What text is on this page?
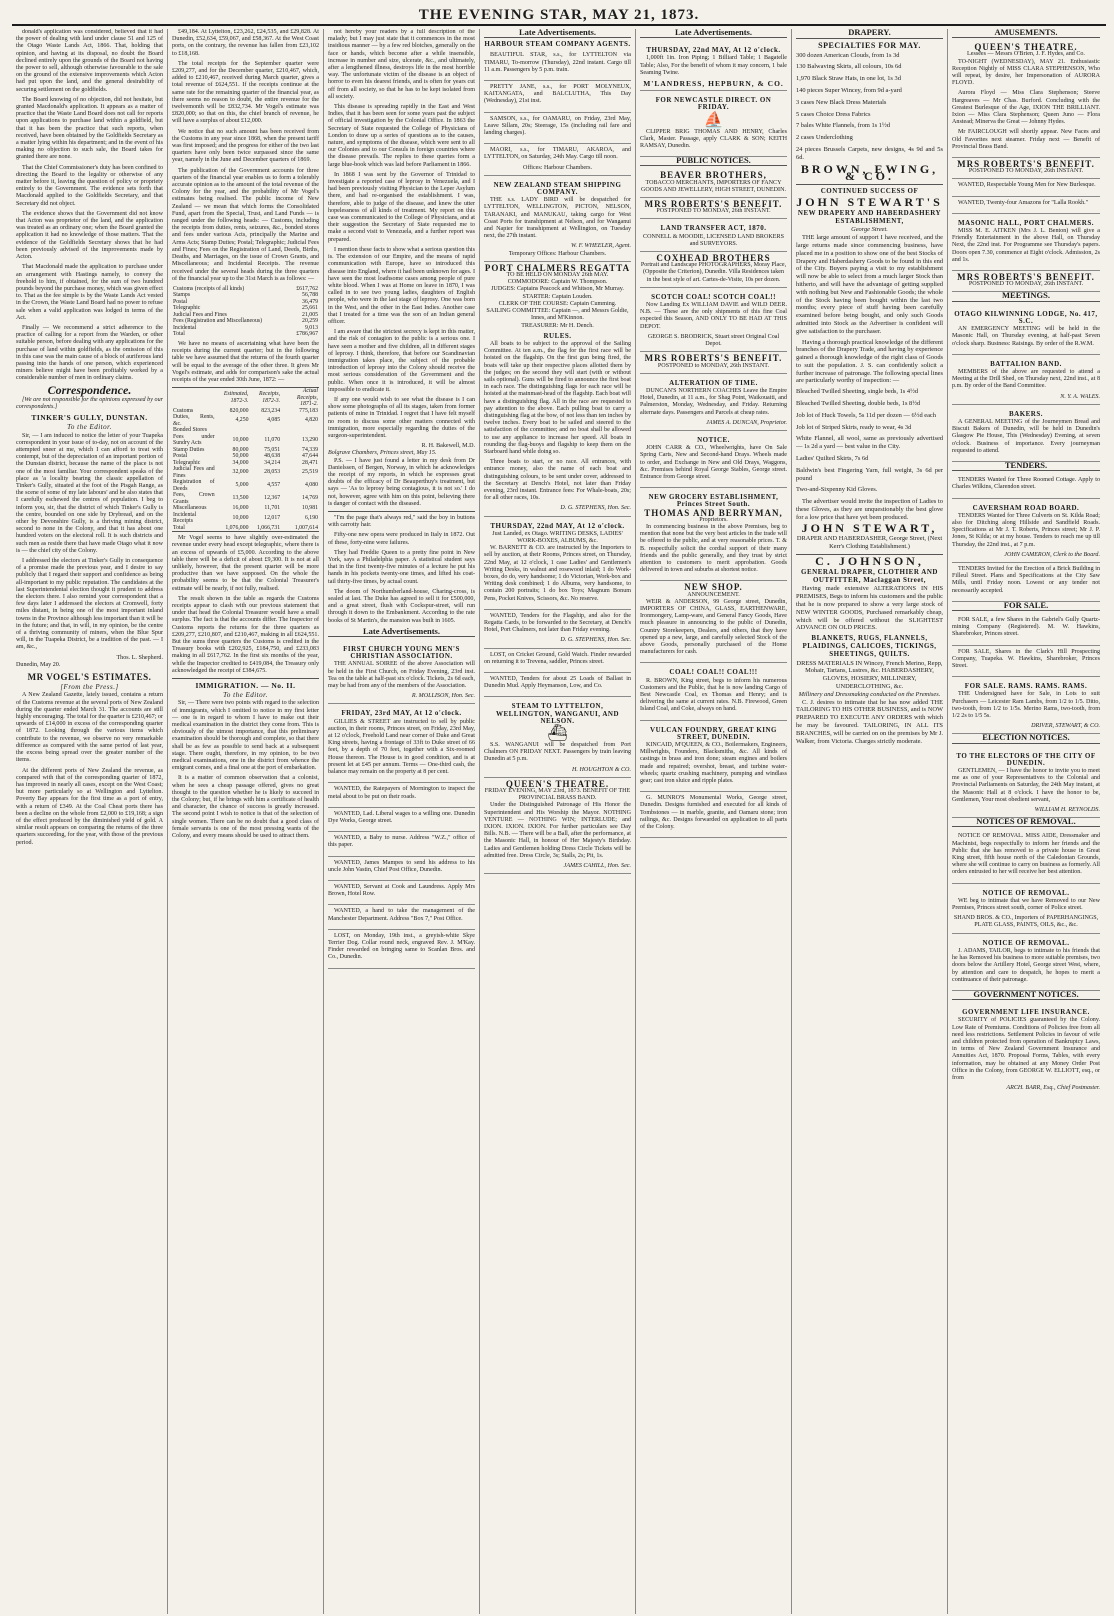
THE EVENING STAR, MAY 21, 1873.

donald's application was considered, believed that it had the power of dealing with land under clause 51 and 125 of the Otago Waste Lands Act, 1866. That, holding that opinion, and having at its disposal, no doubt the Board declined entirely upon the grounds of the Board not having the power to sell, although otherwise favourable to the sale on the ground of the extensive improvements which Acton had put upon the land, and the general desirability of securing settlement on the goldfields.

The Board knowing of no objection, did not hesitate, but granted Macdonald's application. It appears as a matter of practice that the Waste Land Board does not call for reports upon applications to purchase land within a goldfield, but that it has been the practice that such reports, when received, have been obtained by the Goldfields Secretary as a matter lying within his department; and in the event of his making no objection to such sale, the Board takes for granted there are none.

That the Chief Commissioner's duty has been confined to directing the Board to the legality or otherwise of any matter before it, leaving the question of policy or propriety entirely to the Government. The evidence sets forth that Macdonald applied to the Goldfields Secretary, and that Secretary did not object.

The evidence shows that the Government did not know that Acton was proprietor of the land, and the application was treated as an ordinary one; when the Board granted the application it had no knowledge of those matters. That the evidence of the Goldfields Secretary shows that he had been previously advised of the improvements made by Acton.

That Macdonald made the application to purchase under an arrangement with Hastings namely, to convey the freehold to him, if obtained, for the sum of two hundred pounds beyond the purchase money, which was given effect to. That as the fee simple is by the Waste Lands Act vested in the Crown, the Waste Land Board had no power to refuse sale when a valid application was lodged in terms of the Act.

Finally — We recommend a strict adherence to the practice of calling for a report from the Warden, or other suitable person, before dealing with any applications for the purchase of land within goldfields, as the omission of this in this case was the main cause of a block of auriferous land passing into the hands of one person, which experienced miners believe might have been profitably worked by a considerable number of men in ordinary claims.

Correspondence.

[We are not responsible for the opinions expressed by our correspondents.]

TINKER'S GULLY, DUNSTAN.
To the Editor.

Sir, — I am induced to notice the letter of your Tuapeka correspondent in your issue of to-day, not on account of the attempted sneer at me, which I can afford to treat with contempt, but of the depreciation of an important portion of the Dunstan district, because the name of the place is not one of the most familiar. Your correspondent speaks of the place as 'a locality bearing the classic appellation of Tinker's Gully, situated at the foot of the Pisgah Range, as the scene of some of my late labours' and he also states that I carefully eschewed the centres of population. I beg to inform you, sir, that the district of which Tinker's Gully is the centre, bounded on one side by Drybread, and on the other by Devonshire Gully, is a thriving mining district, second to none in the Colony, and that it has about one hundred voters on the electoral roll. It is such districts and such men as reside there that have made Otago what it now is — the chief city of the Colony.

I addressed the electors at Tinker's Gully in consequence of a promise made the previous year, and I desire to say publicly that I regard their support and confidence as being all-important to my public reputation. The candidates at the last Superintendental election thought it prudent to address the electors there. I also remind your correspondent that a few days later I addressed the electors at Cromwell, forty miles distant, in being one of the most important inland towns in the Province although less important than it will be in the future; and that, in will, in my opinion, be the centre of a thriving community of miners, when the Blue Spur will, in the Tuapeka District, be a tradition of the past. — I am, &c.,

Thos. L. Shepherd.
Dunedin, May 20.
MR VOGEL'S ESTIMATES.
[From the Press.]

A New Zealand Gazette, lately issued, contains a return of the Customs revenue at the several ports of New Zealand during the quarter ended March 31. The accounts are still highly encouraging. The total for the quarter is £210,467; or upwards of £14,000 in excess of the corresponding quarter of 1872. Looking through the various items which contribute to the revenue, we observe no very remarkable difference as compared with the same period of last year, the excess being spread over the greater number of the items.

At the different ports of New Zealand the revenue, as compared with that of the corresponding quarter of 1872, has improved in nearly all cases, except on the West Coast; but more particularly so at Wellington and Lyttelton. Poverty Bay appears for the first time as a port of entry, with a return of £349. At the Coal Cheat ports there has been a decline on the whole from £2,000 to £19,168; a sign of the effect produced by the diminished yield of gold. A similar result appears on comparing the returns of the three quarters succeeding, for the year, with those of the previous period.

£49,184. At Lyttelton, £23,262, £24,535, and £29,828. At Dunedin, £52,634, £59,067, and £58,367. At the West Coast ports, on the contrary, the revenue has fallen from £23,102 to £18,168.

The total receipts for the September quarter were £209,277, and for the December quarter, £210,467, which, added to £210,467, received during March quarter, gives a total revenue of £624,551. If the receipts continue at the same rate for the remaining quarter of the financial year, as there seems no reason to doubt, the entire revenue for the twelvemonth will be £832,734. Mr Vogel's estimate was £820,000; so that on this, the chief branch of revenue, he will have a surplus of about £12,000.

We notice that no such amount has been received from the Customs in any year since 1868, when the present tariff was first imposed; and the progress for either of the two last quarters have only been twice surpassed since the same year, namely in the June and December quarters of 1869.

The publication of the Government accounts for three quarters of the financial year enables us to form a tolerably accurate opinion as to the amount of the total revenue of the Colony for the year, and the probability of Mr Vogel's estimates being realised. The public income of New Zealand — we mean that which forms the Consolidated Fund, apart from the Special, Trust, and Land Funds — is ranged under the following heads: — Customs, including the receipts from duties, rents, seizures, &c., bonded stores and fees under various Acts, principally the Marine and Arms Acts; Stamp Duties; Postal; Telegraphic; Judicial Fees and Fines; Fees on the Registration of Land, Deeds, Births, Deaths, and Marriages, on the issue of Crown Grants, and Miscellaneous; and Incidental Receipts. The revenue received under the several heads during the three quarters of the financial year up to the 31st March is as follows: —

Customs (receipts of all kinds)	£617,762
Stamps	56,788
Postal	36,479
Telegraphic	25,661
Judicial Fees and Fines	21,005
Fees (Registration and Miscellaneous)	20,259
Incidental	9,013
Total	£786,967

We have no means of ascertaining what have been the receipts during the current quarter; but in the following table we have assumed that the returns of the fourth quarter will be equal to the average of the other three. It gives Mr Vogel's estimate, and adds for comparison's sake the actual receipts of the year ended 30th June, 1872: —

	Estimated, 1872-3.	Receipts, 1872-3.	Actual Receipts, 1871-2.
Customs	820,000	823,234	775,183
Duties, Rents, &c.	4,250	4,085	4,820
Bonded Stores			
Fees under Sundry Acts	10,000	11,070	13,290
Stamp Duties	80,000	75,051	74,339
Postal	50,000	48,638	47,644
Telegraphic	34,000	34,214	28,471
Judicial Fees and Fines	32,000	28,053	25,519
Registration of Deeds	5,000	4,557	4,080
Fees, Crown Grants	13,500	12,367	14,769
Miscellaneous	16,000	11,701	10,981
Incidental Receipts	10,000	12,017	6,190
Total	1,076,000	1,066,731	1,007,614

Mr Vogel seems to have slightly over-estimated the revenue under every head except telegraphic, where there is an excess of upwards of £5,000. According to the above table there will be a deficit of about £9,300. It is not at all unlikely, however, that the present quarter will be more productive than we have supposed. On the whole the probability seems to be that the Colonial Treasurer's estimate will be nearly, if not fully, realised.

The result shown in the table as regards the Customs receipts appear to clash with our previous statement that under that head the Colonial Treasurer would have a small surplus. The fact is that the accounts differ. The Inspector of Customs reports the returns for the three quarters as £209,277, £210,807, and £210,467, making in all £624,551. But the sums three quarters the Customs is credited in the Treasury books with £202,925, £184,750, and £233,083 making in all £617,762. In the first six months of the year, while the Inspector credited to £419,084, the Treasury only acknowledged the receipt of £384,675.

IMMIGRATION. — No. II.
To the Editor.

Sir, — There were two points with regard to the selection of immigrants, which I omitted to notice in my first letter — one is in regard to whom I have to make out their medical examination in the district they come from. This is obviously of the utmost importance, that this preliminary examination should be thorough and complete, so that there shall be as few as possible to send back at a subsequent stage. There ought, therefore, in my opinion, to be two medical examinations, one in the district from whence the emigrant comes, and a final one at the port of embarkation.

It is a matter of common observation that a colonist, when he sees a cheap passage offered, gives no great thought to the question whether he is likely to succeed in the Colony; but, if he brings with him a certificate of health and character, the chance of success is greatly increased. The second point I wish to notice is that of the selection of single women. There can be no doubt that a good class of female servants is one of the most pressing wants of the Colony, and every means should be used to attract them.

not hereby your readers by a full description of the malady; but I may just state that it commences in the most insidious manner — by a few red blotches, generally on the face or hands, which become after a while insensible, increase in number and size, ulcerate, &c., and ultimately, after a lengthened illness, destroys life in the most horrible way. The unfortunate victim of the disease is an object of horror to even his dearest friends, and is often for years cut off from all society, so that he has to be kept isolated from all society.

This disease is spreading rapidly in the East and West Indies, that it has been seen for some years past the subject of official investigation by the Colonial Office. In 1863 the Secretary of State requested the College of Physicians of London to draw up a series of questions as to the causes, nature, and symptoms of the disease, which were sent to all our Colonies and to our Consuls in foreign countries where the disease prevails. The replies to these queries form a large blue-book which was laid before Parliament in 1866.

In 1868 I was sent by the Governor of Trinidad to investigate a reported case of leprosy in Venezuela, and I had been previously visiting Physician to the Leper Asylum there, and had re-organised the establishment. I was, therefore, able to judge of the disease, and knew the utter hopelessness of all kinds of treatment. My report on this case was communicated to the College of Physicians, and at their suggestion the Secretary of State requested me to make a second visit to Venezuela, and a further report was prepared.

I mention these facts to show what a serious question this is. The extension of our Empire, and the means of rapid communication with Europe, have so introduced this disease into England, where it had been unknown for ages. I have seen the most loathsome cases among people of pure white blood. When I was at Home on leave in 1870, I was called in to see two young ladies, daughters of English people, who were in the last stage of leprosy. One was born in the West, and the other in the East Indies. Another case that I treated for a time was the son of an Indian general officer.

I am aware that the strictest secrecy is kept in this matter, and the risk of contagion to the public is a serious one. I have seen a mother and five children, all in different stages of leprosy. I think, therefore, that before our Scandinavian immigration takes place, the subject of the probable introduction of leprosy into the Colony should receive the most serious consideration of the Government and the public. When once it is introduced, it will be almost impossible to eradicate it.

If any one would wish to see what the disease is I can show some photographs of all its stages, taken from former patients of mine in Trinidad. I regret that I have felt myself no room to discuss some other matters connected with immigration, more especially regarding the duties of the surgeon-superintendent.

R. H. Bakewell, M.D.
Bolgrave Chambers, Princes street, May 15.

P.S. — I have just found a letter in my desk from Dr Danielssen, of Bergen, Norway, in which he acknowledges the receipt of my reports, in which he expresses great doubts of the efficacy of Dr Beauperthuy's treatment, but says — 'As to leprosy being contagious, it is not so.' I do not, however, agree with him on this point, believing there is danger of contact with the diseased.

"I'm the page that's always red," said the boy in buttons with carrotty hair.

Fifty-one new opera were produced in Italy in 1872. Out of these, forty-nine were failures.

They had Freddie Queen to a pretty fine point in New York, says a Philadelphia paper. A statistical student says that in the first twenty-five minutes of a lecture he put his hands in his pockets twenty-one times, and lifted his coat-tail thirty-five times, by actual count.

The doom of Northumberland-house, Charing-cross, is sealed at last. The Duke has agreed to sell it for £500,000, and a great street, flush with Cockspur-street, will run through it down to the Embankment. According to the rate books of St Martin's, the mansion was built in 1605.

Late Advertisements.
FIRST CHURCH YOUNG MEN'S CHRISTIAN ASSOCIATION.

THE ANNUAL SOIREE of the above Association will be held in the First Church, on Friday Evening, 23rd inst. Tea on the table at half-past six o'clock. Tickets, 2s 6d each, may be had from any of the members of the Association.

R. MOLLISON, Hon. Sec.
FRIDAY, 23rd MAY, At 12 o'clock.

GILLIES & STREET are instructed to sell by public auction, in their rooms, Princes street, on Friday, 23rd May, at 12 o'clock, Freehold Land near corner of Duke and Great King streets, having a frontage of 33ft to Duke street of 66 feet, by a depth of 70 feet, together with a Six-roomed House thereon. The House is in good condition, and is at present let at £45 per annum. Terms — One-third cash, the balance may remain on the property at 8 per cent.

WANTED, the Ratepayers of Mornington to inspect the metal about to be put on their roads.

WANTED, Lad. Liberal wages to a willing one. Dunedin Dye Works, George street.

WANTED, a Baby to nurse. Address "W.Z.," office of this paper.

WANTED, James Mampes to send his address to his uncle John Vastin, Chief Post Office, Dunedin.

WANTED, Servant at Cook and Laundress. Apply Mrs Brown, Hotel Row.

WANTED, a hand to take the management of the Manchester Department. Address "Box 7," Post Office.

LOST, on Monday, 19th inst., a greyish-white Skye Terrier Dog. Collar round neck, engraved Rev. J. M'Kay. Finder rewarded on bringing same to Scanlan Bros. and Co., Dunedin.

Late Advertisements.
HARBOUR STEAM COMPANY AGENTS.

BEAUTIFUL STAR, s.s., for LYTTELTON via TIMARU, To-morrow (Thursday), 22nd instant. Cargo till 11 a.m. Passengers by 5 p.m. train.

PRETTY JANE, s.s., for PORT MOLYNEUX, KAITANGATA, and BALCLUTHA, This Day (Wednesday), 21st inst.

SAMSON, s.s., for OAMARU, on Friday, 23rd May, Leave Sillam, 20s; Steerage, 15s (including rail fare and landing charges).

MAORI, s.s., for TIMARU, AKAROA, and LYTTELTON, on Saturday, 24th May. Cargo till noon.

Offices: Harbour Chambers.
NEW ZEALAND STEAM SHIPPING COMPANY.

THE s.s. LADY BIRD will be despatched for LYTTELTON, WELLINGTON, PICTON, NELSON, TARANAKI, and MANUKAU, taking cargo for West Coast Ports for transhipment at Nelson, and for Wanganui and Napier for transhipment at Wellington, on Tuesday next, the 27th instant.

W. F. WHEELER, Agent.
Temporary Offices: Harbour Chambers.
PORT CHALMERS REGATTA
TO BE HELD ON MONDAY 26th MAY.
COMMODORE: Captain W. Thompson.
JUDGES: Captains Peacock and Whitson, Mr Murray.
STARTER: Captain Louden.
CLERK OF THE COURSE: Captain Cumming.
SAILING COMMITTEE: Captain —, and Messrs Goldie, Innes, and M'Kinnon.
TREASURER: Mr H. Dench.
RULES.

All boats to be subject to the approval of the Sailing Committee. At ten a.m., the flag for the first race will be hoisted on the flagship. On the first gun being fired, the boats will take up their respective places allotted them by the judges; on the second they will start (with or without sails optional). Guns will be fired to announce the first boat in each race. The distinguishing flags for each race will be hoisted at the mainmast-head of the flagship. Each boat will have a distinguishing flag. All in the race are requested to pay attention to the above. Each pulling boat to carry a distinguishing flag at the bow, of not less than ten inches by twelve inches. Every boat to be sailed and steered to the satisfaction of the committee; and no boat shall be allowed to use any appliance to increase her speed. All boats in rounding the flag-buoys and flagship to keep them on the Starboard hand while doing so.

Three boats to start, or no race. All entrances, with entrance money, also the name of each boat and distinguishing colours, to be sent under cover, addressed to the Secretary at Dench's Hotel, not later than Friday evening, 23rd instant. Entrance fees: For Whale-boats, 20s; for all other races, 10s.

D. G. STEPHENS, Hon. Sec.
THURSDAY, 22nd MAY, At 12 o'clock.
Just Landed, ex Otago. WRITING DESKS, LADIES' WORK-BOXES, ALBUMS, &c.

W. BARNETT & CO. are instructed by the Importers to sell by auction, at their Rooms, Princes street, on Thursday, 22nd May, at 12 o'clock, 1 case Ladies' and Gentlemen's Writing Desks, in walnut and rosewood inlaid; 1 do Work-boxes, do do, very handsome; 1 do Victorian, Work-box and Writing desk combined; 1 do Albums, very handsome, to contain 200 portraits; 1 do box Toys; Magnum Bonum Pens, Pocket Knives, Scissors, &c. No reserve.

WANTED, Tenders for the Flagship, and also for the Regatta Cards, to be forwarded to the Secretary, at Dench's Hotel, Port Chalmers, not later than Friday evening.

D. G. STEPHENS, Hon. Sec.

LOST, on Cricket Ground, Gold Watch. Finder rewarded on returning it to Trevena, saddler, Princes street.

WANTED, Tenders for about 25 Loads of Ballast in Dunedin Mud. Apply Heymanson, Low, and Co.

STEAM TO LYTTELTON, WELLINGTON, WANGANUI, AND NELSON.
⛴

S.S. WANGANUI will be despatched from Port Chalmers ON FRIDAY NEXT. Passengers by train leaving Dunedin at 5 p.m.

H. HOUGHTON & CO.
QUEEN'S THEATRE.
FRIDAY EVENING, MAY 23rd, 1873. BENEFIT OF THE PROVINCIAL BRASS BAND.

Under the Distinguished Patronage of His Honor the Superintendent and His Worship the Mayor. NOTHING VENTURE — NOTHING WIN; INTERLUDE; and IXION. IXION. IXION. For further particulars see Day Bills. N.B. — There will be a Ball, after the performance, at the Masonic Hall, in honour of Her Majesty's Birthday. Ladies and Gentlemen holding Dress Circle Tickets will be admitted free. Dress Circle, 3s; Stalls, 2s; Pit, 1s.

JAMES CAHILL, Hon. Sec.
Late Advertisements.
THURSDAY, 22nd MAY, At 12 o'clock.

1,000ft 1in. Iron Piping; 1 Billiard Table; 1 Bagatelle Table; Also, For the benefit of whom it may concern, 1 bale Seaming Twine.

M'LANDRESS, HEPBURN, & CO.
FOR NEWCASTLE DIRECT. ON FRIDAY.
⛵

CLIPPER BRIG THOMAS AND HENRY, Charles Clark, Master. Passage, apply CLARK & SON; KEITH RAMSAY, Dunedin.

PUBLIC NOTICES.
BEAVER BROTHERS,
TOBACCO MERCHANTS, IMPORTERS OF FANCY GOODS AND JEWELLERY, HIGH STREET, DUNEDIN.
MRS ROBERTS'S BENEFIT.
POSTPONED TO MONDAY, 26th INSTANT.
LAND TRANSFER ACT, 1870.
CONNELL & MOODIE, LICENSED LAND BROKERS and SURVEYORS.
COXHEAD BROTHERS
Portrait and Landscape PHOTOGRAPHERS, Moray Place, (Opposite the Criterion), Dunedin. Villa Residences taken in the best style of art. Cartes-de-Visite, 10s per dozen.
SCOTCH COAL! SCOTCH COAL!!

Now Landing Ex WILLIAM DAVIE and WILD DEER. N.B. — These are the only shipments of this fine Coal expected this Season, AND ONLY TO BE HAD AT THIS DEPOT.

GEORGE S. BRODRICK, Stuart street Original Coal Depot.
MRS ROBERTS'S BENEFIT.
POSTPONED to MONDAY, 26th INSTANT.
ALTERATION OF TIME.

DUNCAN'S NORTHERN COACHES Leave the Empire Hotel, Dunedin, at 11 a.m., for Shag Point, Waikouaiti, and Palmerston, Monday, Wednesday, and Friday. Returning alternate days. Passengers and Parcels at cheap rates.

JAMES A. DUNCAN, Proprietor.
NOTICE.

JOHN CARR & CO., Wheelwrights, have On Sale Spring Carts, New and Second-hand Drays. Wheels made to order, and Exchange in New and Old Drays, Waggons, &c. Premises behind Royal George Stables, George street. Entrance from George street.

NEW GROCERY ESTABLISHMENT, Princes Street South.
THOMAS AND BERRYMAN,
Proprietors.

In commencing business in the above Premises, beg to mention that none but the very best articles in the trade will be offered to the public, and at very reasonable prices. T. & B. respectfully solicit the cordial support of their many friends and the public generally, and they trust by strict attention to customers to merit approbation. Goods delivered in town and suburbs at shortest notice.

NEW SHOP.
ANNOUNCEMENT.

WEIR & ANDERSON, 99 George street, Dunedin, IMPORTERS OF CHINA, GLASS, EARTHENWARE, Ironmongery, Lamp-ware, and General Fancy Goods, Have much pleasure in announcing to the public of Dunedin, Country Storekeepers, Dealers, and others, that they have opened up a new, large, and carefully selected Stock of the above Goods, personally purchased of the Home manufacturers for cash.

COAL! COAL!! COAL!!!

R. BROWN, King street, begs to inform his numerous Customers and the Public, that he is now landing Cargo of Best Newcastle Coal, ex Thomas and Henry; and is delivering the same at current rates. N.B. Firewood, Green Island Coal, and Coke, always on hand.

VULCAN FOUNDRY, GREAT KING STREET, DUNEDIN.

KINCAID, M'QUEEN, & CO., Boilermakers, Engineers, Millwrights, Founders, Blacksmiths, &c. All kinds of castings in brass and iron done; steam engines and boilers made and repaired; overshot, breast, and turbine water-wheels; quartz crushing machinery, pumping and windlass gear; cast iron sluice and ripple plates.

G. MUNRO'S Monumental Works, George street, Dunedin. Designs furnished and executed for all kinds of Tombstones — in marble, granite, and Oamaru stone; iron railings, &c. Designs forwarded on application to all parts of the Colony.

DRAPERY.
SPECIALTIES FOR MAY.
300 dozen American Clouds, from 1s 3d
130 Balwaving Skirts, all colours, 10s 6d
1,970 Black Straw Hats, in one lot, 1s 3d
140 pieces Super Wincey, from 9d a-yard
3 cases New Black Dress Materials
5 cases Choice Dress Fabrics
7 bales White Flannels, from 1s 1½d
2 cases Underclothing
24 pieces Brussels Carpets, new designs, 4s 9d and 5s 6d.
BROWN, EWING, & CO.
CONTINUED SUCCESS OF
JOHN STEWART'S
NEW DRAPERY AND HABERDASHERY ESTABLISHMENT,
George Street.

THE large amount of support I have received, and the large returns made since commencing business, have placed me in a position to show one of the best Stocks of Drapery and Haberdashery Goods to be found in this end of the City. Buyers paying a visit to my establishment will now be able to select from a much larger Stock than hitherto, and will have the advantage of getting supplied with nothing but New and Fashionable Goods; the whole of the Stock having been bought within the last two months; every piece of stuff having been carefully examined before being bought, and only such Goods admitted into Stock as the Advertiser is confident will give satisfaction to the purchaser.

Having a thorough practical knowledge of the different branches of the Drapery Trade, and having by experience gained a thorough knowledge of the right class of Goods to suit the population. J. S. can confidently solicit a further increase of patronage. The following special lines are particularly worthy of inspection: —

Bleached Twilled Sheeting, single beds, 1s 4½d
Bleached Twilled Sheeting, double beds, 1s 8½d
Job lot of Huck Towels, 5s 11d per dozen — 6½d each
Job lot of Striped Skirts, ready to wear, 4s 3d
White Flannel, all wool, same as previously advertised — 1s 2d a yard — best value in the City.
Ladies' Quilted Skirts, 7s 6d
Baldwin's best Fingering Yarn, full weight, 3s 6d per pound
Two-and-Sixpenny Kid Gloves.

The advertiser would invite the inspection of Ladies to these Gloves, as they are unquestionably the best glove for a low price that have yet been produced.

JOHN STEWART,
DRAPER AND HABERDASHER, George Street, (Next Kerr's Clothing Establishment.)
C. JOHNSON,
GENERAL DRAPER, CLOTHIER AND OUTFITTER, Maclaggan Street,

Having made extensive ALTERATIONS IN HIS PREMISES, Begs to inform his customers and the public that he is now prepared to show a very large stock of NEW WINTER GOODS, Purchased remarkably cheap, which will be offered without the SLIGHTEST ADVANCE ON OLD PRICES.

BLANKETS, RUGS, FLANNELS, PLAIDINGS, CALICOES, TICKINGS, SHEETINGS, QUILTS.
DRESS MATERIALS IN Wincey, French Merino, Repp, Mohair, Tartans, Lustres, &c. HABERDASHERY, GLOVES, HOSIERY, MILLINERY, UNDERCLOTHING, &c.
Millinery and Dressmaking conducted on the Premises.

C. J. desires to intimate that he has now added THE TAILORING TO HIS OTHER BUSINESS, and is NOW PREPARED TO EXECUTE ANY ORDERS with which he may be favoured. TAILORING, IN ALL ITS BRANCHES, will be carried on on the premises by Mr J. Walker, from Victoria. Charges strictly moderate.

AMUSEMENTS.
QUEEN'S THEATRE.
Lessees — Messrs O'Brien, J. F. Hydes, and Co.

TO-NIGHT (WEDNESDAY), MAY 21. Enthusiastic Reception Nightly of MISS CLARA STEPHENSON, Who will repeat, by desire, her Impersonation of AURORA FLOYD.

Aurora Floyd — Miss Clara Stephenson; Steeve Hargreaves — Mr Chas. Burford. Concluding with the Greatest Burlesque of the Age, IXION THE BRILLIANT. Ixion — Miss Clara Stephenson; Queen Juno — Flora Anstead; Minerva the Great — Johnny Hydes.

Mr FAIRCLOUGH will shortly appear. New Faces and Old Favorites next steamer. Friday next — Benefit of Provincial Brass Band.

MRS ROBERTS'S BENEFIT.
POSTPONED TO MONDAY, 26th INSTANT.

WANTED, Respectable Young Men for New Burlesque.

WANTED, Twenty-four Amazons for "Lalla Rookh."

MASONIC HALL, PORT CHALMERS.

MISS M. E. AITKEN (Mrs J. L. Benton) will give a Friendly Entertainment in the above Hall, on Thursday Next, the 22nd inst. For Programme see Thursday's papers. Doors open 7.30, commence at Eight o'clock. Admission, 2s and 1s.

MRS ROBERTS'S BENEFIT.
POSTPONED TO MONDAY, 26th INSTANT.
MEETINGS.
OTAGO KILWINNING LODGE, No. 417, S.C.

AN EMERGENCY MEETING will be held in the Masonic Hall, on Thursday evening, at half-past Seven o'clock sharp. Business: Raisings. By order of the R.W.M.

BATTALION BAND.

MEMBERS of the above are requested to attend a Meeting at the Drill Shed, on Thursday next, 22nd inst., at 8 p.m. By order of the Band Committee.

N. Y. A. WALES.
BAKERS.

A GENERAL MEETING of the Journeymen Bread and Biscuit Bakers of Dunedin, will be held in Dunedin's Glasgow Pie House, This (Wednesday) Evening, at seven o'clock. Business of importance. Every journeyman requested to attend.

TENDERS.

TENDERS Wanted for Three Roomed Cottage. Apply to Charles Wilkins, Clarendon street.

CAVERSHAM ROAD BOARD.

TENDERS Wanted for Three Culverts on St. Kilda Road; also for Ditching along Hillside and Sandfield Roads. Specifications at Mr J. T. Roberts, Princes street; Mr J. P. Jones, St Kilda; or at my house. Tenders to reach me up till Thursday, the 22nd inst., at 7 p.m.

JOHN CAMERON, Clerk to the Board.

TENDERS Invited for the Erection of a Brick Building in Filleul Street. Plans and Specifications at the City Saw Mills, until Friday noon. Lowest or any tender not necessarily accepted.

FOR SALE.

FOR SALE, a few Shares in the Gabriel's Gully Quartz-mining Company (Registered). M. W. Hawkins, Sharebroker, Princes street.

FOR SALE, Shares in the Clark's Hill Prospecting Company, Tuapeka. W. Hawkins, Sharebroker, Princes Street.

FOR SALE. RAMS. RAMS. RAMS.

THE Undersigned have for Sale, in Lots to suit Purchasers — Leicester Ram Lambs, from 1/2 to 1/5. Ditto, two-tooth, from 1/2 to 1/5s. Merino Rams, two-tooth, from 1/2 2s to 1/5 5s.

DRIVER, STEWART, & CO.
ELECTION NOTICES.
TO THE ELECTORS OF THE CITY OF DUNEDIN.

GENTLEMEN, — I have the honor to invite you to meet me as one of your Representatives to the Colonial and Provincial Parliaments on Saturday, the 24th May instant, at the Masonic Hall at 8 o'clock. I have the honor to be, Gentlemen, Your most obedient servant,

WILLIAM H. REYNOLDS.
NOTICES OF REMOVAL.

NOTICE OF REMOVAL. MISS AIDE, Dressmaker and Machinist, begs respectfully to inform her friends and the Public that she has removed to a private house in Great King street, fifth house north of the Caledonian Grounds, where she will continue to carry on business as formerly. All orders entrusted to her will receive her best attention.

NOTICE OF REMOVAL.

WE beg to intimate that we have Removed to our New Premises, Princes street south, corner of Police street.

SHAND BROS. & CO., Importers of PAPERHANGINGS, PLATE GLASS, PAINTS, OILS, &c., &c.
NOTICE OF REMOVAL.

J. ADAMS, TAILOR, begs to intimate to his friends that he has Removed his business to more suitable premises, two doors below the Artillery Hotel, George street West, where, by attention and care to despatch, he hopes to merit a continuance of their patronage.

GOVERNMENT NOTICES.
GOVERNMENT LIFE INSURANCE.

SECURITY of POLICIES guaranteed by the Colony. Low Rate of Premiums. Conditions of Policies free from all need less restrictions. Settlement Policies in favour of wife and children protected from operation of Bankruptcy Laws, in terms of New Zealand Government Insurance and Annuities Act, 1870. Proposal Forms, Tables, with every information, may be obtained at any Money Order Post Office in the Colony, from GEORGE W. ELLIOTT, esq., or from

ARCH. BARR, Esq., Chief Postmaster.
